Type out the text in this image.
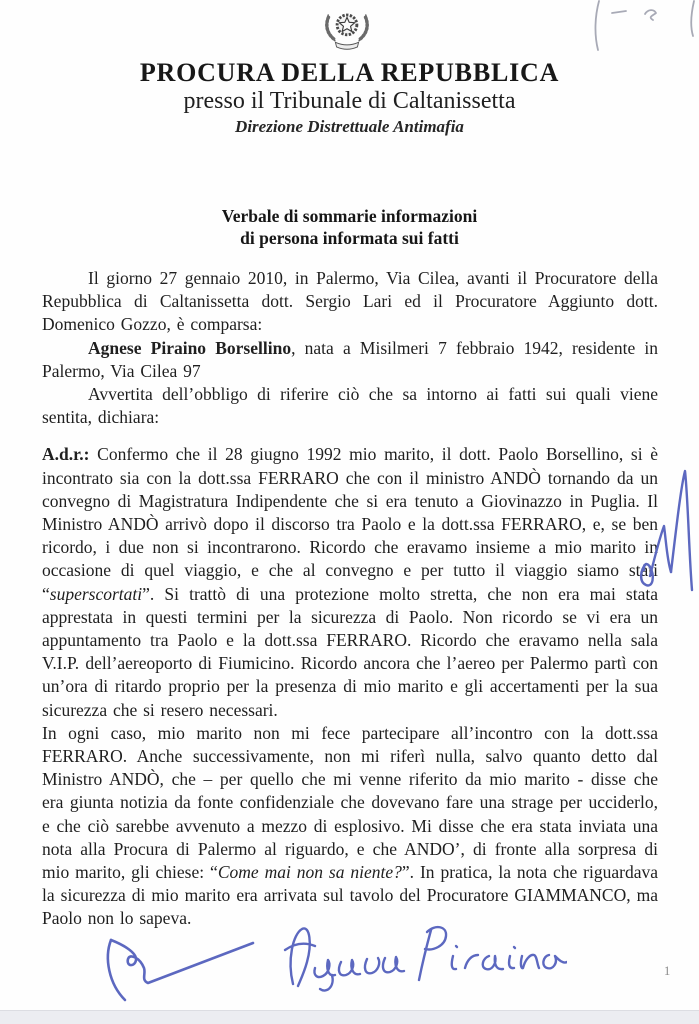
PROCURA DELLA REPUBBLICA
presso il Tribunale di Caltanissetta
Direzione Distrettuale Antimafia
Verbale di sommarie informazioni
di persona informata sui fatti

Il giorno 27 gennaio 2010, in Palermo, Via Cilea, avanti il Procuratore della Repubblica di Caltanissetta dott. Sergio Lari ed il Procuratore Aggiunto dott. Domenico Gozzo, è comparsa:

Agnese Piraino Borsellino, nata a Misilmeri 7 febbraio 1942, residente in Palermo, Via Cilea 97

Avvertita dell’obbligo di riferire ciò che sa intorno ai fatti sui quali viene sentita, dichiara:

A.d.r.: Confermo che il 28 giugno 1992 mio marito, il dott. Paolo Borsellino, si è incontrato sia con la dott.ssa FERRARO che con il ministro ANDÒ tornando da un convegno di Magistratura Indipendente che si era tenuto a Giovinazzo in Puglia. Il Ministro ANDÒ arrivò dopo il discorso tra Paolo e la dott.ssa FERRARO, e, se ben ricordo, i due non si incontrarono. Ricordo che eravamo insieme a mio marito in occasione di quel viaggio, e che al convegno e per tutto il viaggio siamo stati “superscortati”. Si trattò di una protezione molto stretta, che non era mai stata apprestata in questi termini per la sicurezza di Paolo. Non ricordo se vi era un appuntamento tra Paolo e la dott.ssa FERRARO. Ricordo che eravamo nella sala V.I.P. dell’aereoporto di Fiumicino. Ricordo ancora che l’aereo per Palermo partì con un’ora di ritardo proprio per la presenza di mio marito e gli accertamenti per la sua sicurezza che si resero necessari.

In ogni caso, mio marito non mi fece partecipare all’incontro con la dott.ssa FERRARO. Anche successivamente, non mi riferì nulla, salvo quanto detto dal Ministro ANDÒ, che – per quello che mi venne riferito da mio marito - disse che era giunta notizia da fonte confidenziale che dovevano fare una strage per ucciderlo, e che ciò sarebbe avvenuto a mezzo di esplosivo. Mi disse che era stata inviata una nota alla Procura di Palermo al riguardo, e che ANDO’, di fronte alla sorpresa di mio marito, gli chiese: “Come mai non sa niente?”. In pratica, la nota che riguardava la sicurezza di mio marito era arrivata sul tavolo del Procuratore GIAMMANCO, ma Paolo non lo sapeva.

1
